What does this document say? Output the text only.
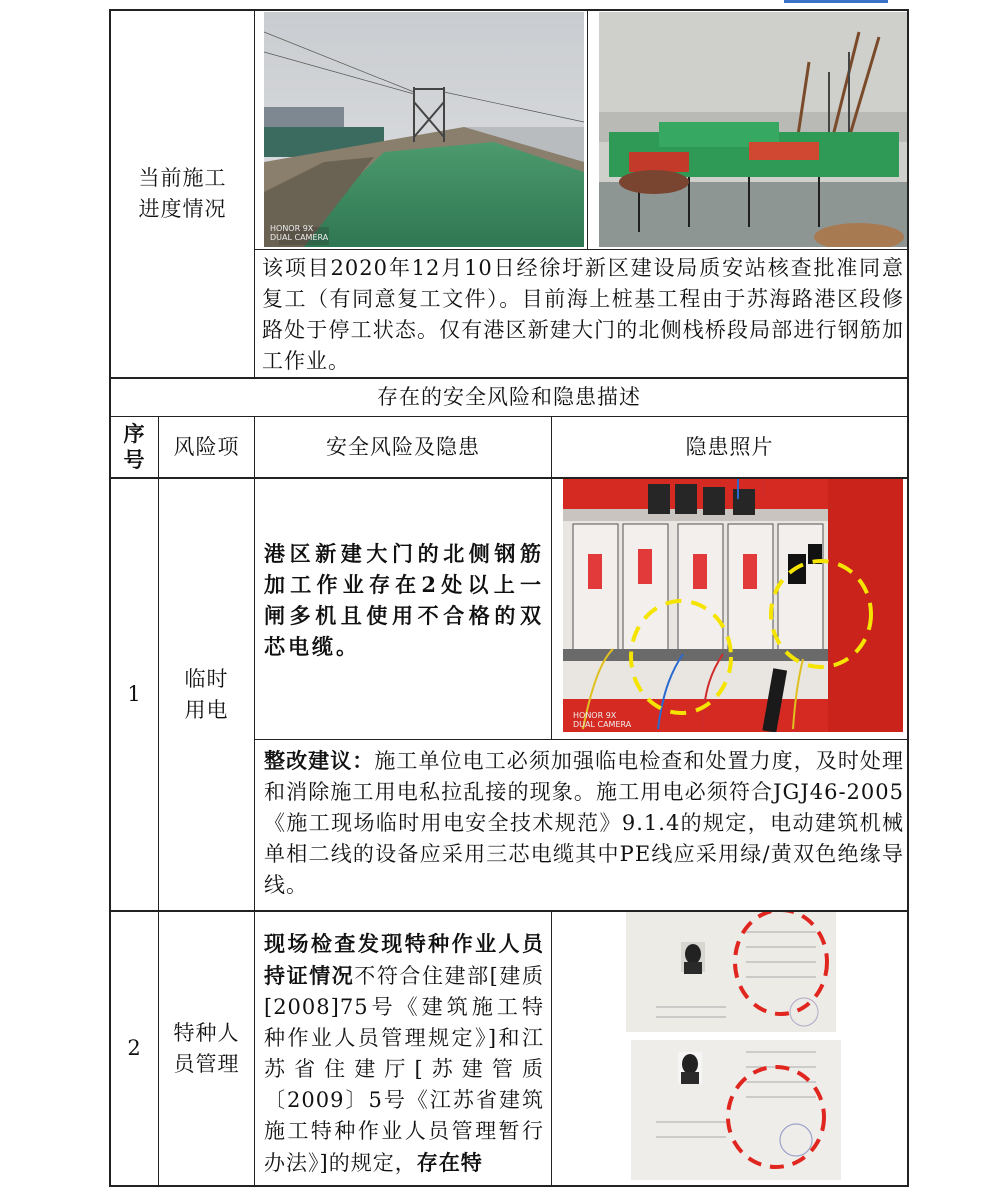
当前施工
进度情况
HONOR 9X
DUAL CAMERA
该项目2020年12月10日经徐圩新区建设局质安站核查批准同意复工（有同意复工文件）。目前海上桩基工程由于苏海路港区段修路处于停工状态。仅有港区新建大门的北侧栈桥段局部进行钢筋加工作业。
存在的安全风险和隐患描述
序
号
风险项	安全风险及隐患	隐患照片
1
临时
用电
港区新建大门的北侧钢筋加工作业存在2处以上一闸多机且使用不合格的双芯电缆。
HONOR 9X
DUAL CAMERA
整改建议：施工单位电工必须加强临电检查和处置力度，及时处理和消除施工用电私拉乱接的现象。施工用电必须符合JGJ46-2005《施工现场临时用电安全技术规范》9.1.4的规定，电动建筑机械单相二线的设备应采用三芯电缆其中PE线应采用绿/黄双色绝缘导线。
2
特种人
员管理
现场检查发现特种作业人员持证情况不符合住建部[建质[2008]75号《建筑施工特种作业人员管理规定》]和江苏省住建厅[苏建管质〔2009〕5号《江苏省建筑施工特种作业人员管理暂行办法》]的规定，存在特
